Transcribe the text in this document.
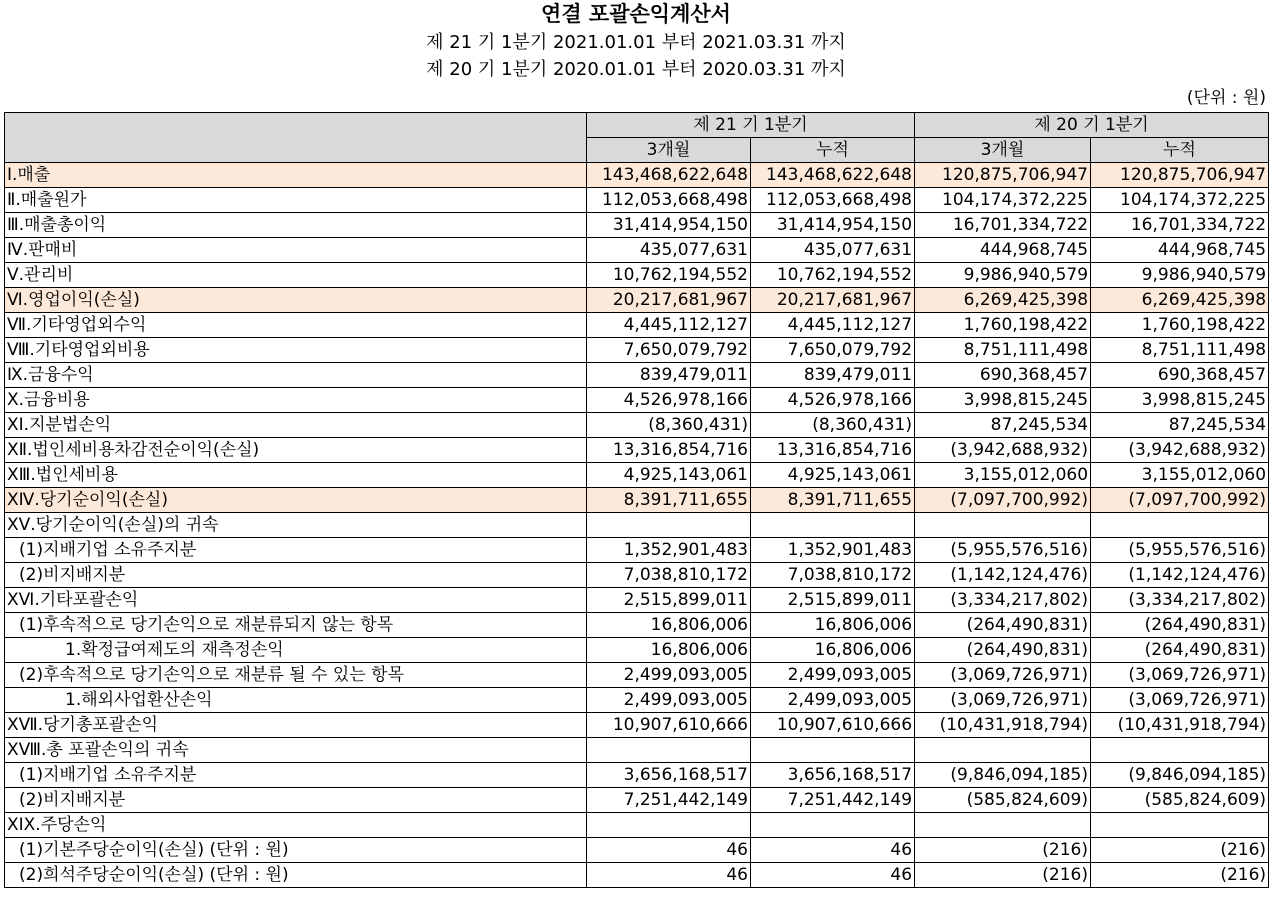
연결 포괄손익계산서
제 21 기 1분기 2021.01.01 부터 2021.03.31 까지
제 20 기 1분기 2020.01.01 부터 2020.03.31 까지
(단위 : 원)
	제 21 기 1분기		제 20 기 1분기	
	3개월	누적	3개월	누적
Ⅰ.매출	143,468,622,648	143,468,622,648	120,875,706,947	120,875,706,947
Ⅱ.매출원가	112,053,668,498	112,053,668,498	104,174,372,225	104,174,372,225
Ⅲ.매출총이익	31,414,954,150	31,414,954,150	16,701,334,722	16,701,334,722
Ⅳ.판매비	435,077,631	435,077,631	444,968,745	444,968,745
Ⅴ.관리비	10,762,194,552	10,762,194,552	9,986,940,579	9,986,940,579
Ⅵ.영업이익(손실)	20,217,681,967	20,217,681,967	6,269,425,398	6,269,425,398
Ⅶ.기타영업외수익	4,445,112,127	4,445,112,127	1,760,198,422	1,760,198,422
Ⅷ.기타영업외비용	7,650,079,792	7,650,079,792	8,751,111,498	8,751,111,498
Ⅸ.금융수익	839,479,011	839,479,011	690,368,457	690,368,457
Ⅹ.금융비용	4,526,978,166	4,526,978,166	3,998,815,245	3,998,815,245
XI.지분법손익	(8,360,431)	(8,360,431)	87,245,534	87,245,534
XⅡ.법인세비용차감전순이익(손실)	13,316,854,716	13,316,854,716	(3,942,688,932)	(3,942,688,932)
XⅢ.법인세비용	4,925,143,061	4,925,143,061	3,155,012,060	3,155,012,060
XⅣ.당기순이익(손실)	8,391,711,655	8,391,711,655	(7,097,700,992)	(7,097,700,992)
XⅤ.당기순이익(손실)의 귀속				
(1)지배기업 소유주지분	1,352,901,483	1,352,901,483	(5,955,576,516)	(5,955,576,516)
(2)비지배지분	7,038,810,172	7,038,810,172	(1,142,124,476)	(1,142,124,476)
XⅥ.기타포괄손익	2,515,899,011	2,515,899,011	(3,334,217,802)	(3,334,217,802)
(1)후속적으로 당기손익으로 재분류되지 않는 항목	16,806,006	16,806,006	(264,490,831)	(264,490,831)
1.확정급여제도의 재측정손익	16,806,006	16,806,006	(264,490,831)	(264,490,831)
(2)후속적으로 당기손익으로 재분류 될 수 있는 항목	2,499,093,005	2,499,093,005	(3,069,726,971)	(3,069,726,971)
1.해외사업환산손익	2,499,093,005	2,499,093,005	(3,069,726,971)	(3,069,726,971)
XⅦ.당기총포괄손익	10,907,610,666	10,907,610,666	(10,431,918,794)	(10,431,918,794)
XⅧ.총 포괄손익의 귀속				
(1)지배기업 소유주지분	3,656,168,517	3,656,168,517	(9,846,094,185)	(9,846,094,185)
(2)비지배지분	7,251,442,149	7,251,442,149	(585,824,609)	(585,824,609)
XIX.주당손익				
(1)기본주당순이익(손실) (단위 : 원)	46	46	(216)	(216)
(2)희석주당순이익(손실) (단위 : 원)	46	46	(216)	(216)
